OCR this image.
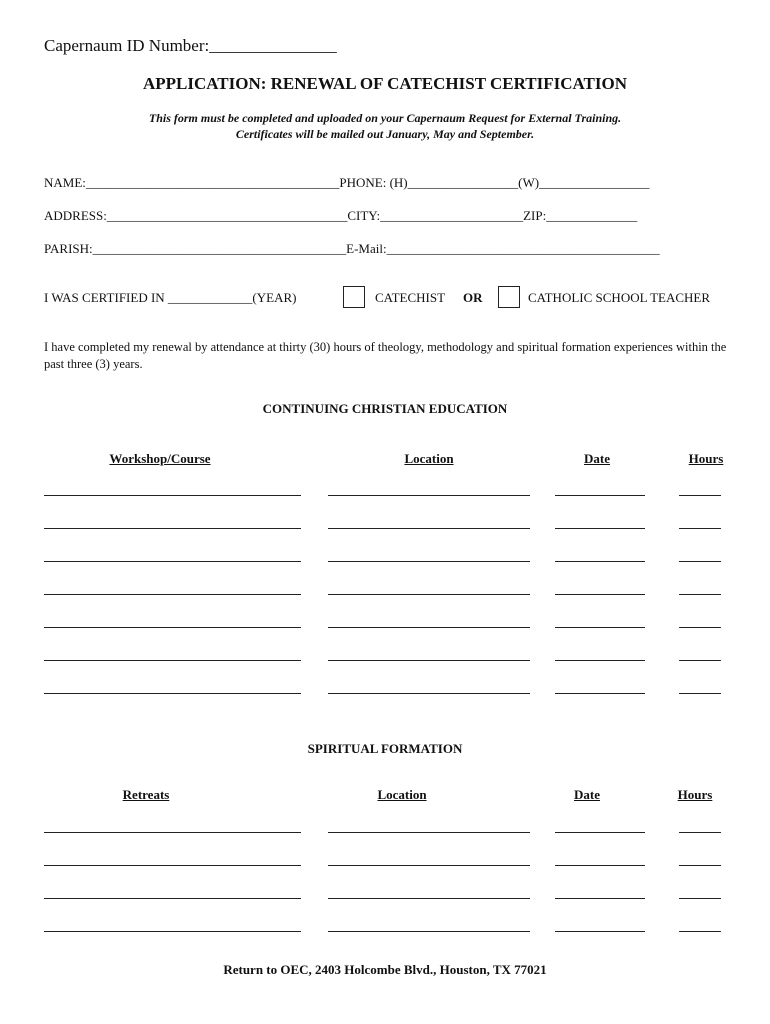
Capernaum ID Number:_______________
APPLICATION: RENEWAL OF CATECHIST CERTIFICATION
This form must be completed and uploaded on your Capernaum Request for External Training.
Certificates will be mailed out January, May and September.
NAME:_______________________________________PHONE: (H)_________________(W)_________________
ADDRESS:_____________________________________CITY:______________________ZIP:______________
PARISH:_______________________________________E-Mail:__________________________________________
I WAS CERTIFIED IN _____________(YEAR)	CATECHIST OR	CATHOLIC SCHOOL TEACHER
I have completed my renewal by attendance at thirty (30) hours of theology, methodology and spiritual formation experiences within the past three (3) years.
CONTINUING CHRISTIAN EDUCATION
Workshop/Course	Location	Date	Hours
SPIRITUAL FORMATION
Retreats	Location	Date	Hours
Return to OEC, 2403 Holcombe Blvd., Houston, TX 77021
